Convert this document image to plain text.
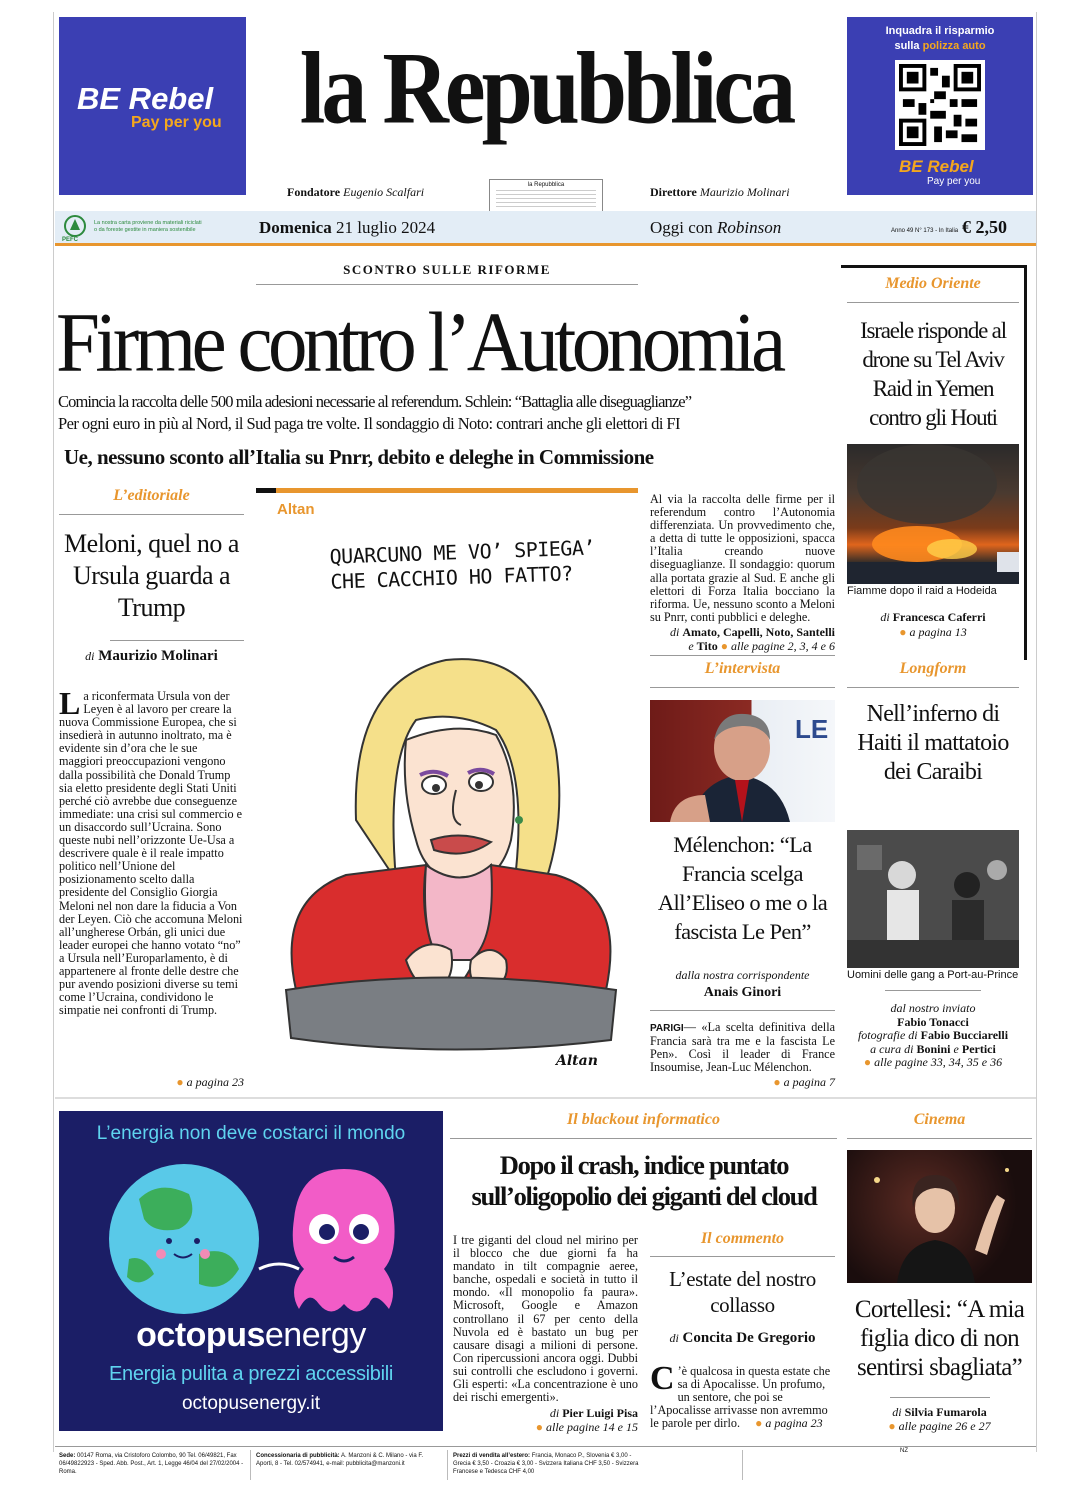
BE Rebel
Pay per you la Repubblica
Fondatore Eugenio Scalfari	Direttore Maurizio Molinari
la Repubblica
Inquadra il risparmio
sulla polizza auto
BE Rebel
Pay per you
PEFC
La nostra carta proviene da materiali riciclati o da foreste gestite in maniera sostenibile	Domenica 21 luglio 2024	Oggi con Robinson	Anno 49 N° 173 - In Italia € 2,50
SCONTRO SULLE RIFORME
Firme contro l’Autonomia
Comincia la raccolta delle 500 mila adesioni necessarie al referendum. Schlein: “Battaglia alle diseguaglianze”
Per ogni euro in più al Nord, il Sud paga tre volte. Il sondaggio di Noto: contrari anche gli elettori di FI
Ue, nessuno sconto all’Italia su Pnrr, debito e deleghe in Commissione
L’editoriale
Meloni, quel no a Ursula guarda a Trump
di Maurizio Molinari
La riconfermata Ursula von der Leyen è al lavoro per creare la nuova Commissione Europea, che si insedierà in autunno inoltrato, ma è evidente sin d’ora che le sue maggiori preoccupazioni vengono dalla possibilità che Donald Trump sia eletto presidente degli Stati Uniti perché ciò avrebbe due conseguenze immediate: una crisi sul commercio e un disaccordo sull’Ucraina. Sono queste nubi nell’orizzonte Ue-Usa a descrivere quale è il reale impatto politico nell’Unione del posizionamento scelto dalla presidente del Consiglio Giorgia Meloni nel non dare la fiducia a Von der Leyen. Ciò che accomuna Meloni all’ungherese Orbán, gli unici due leader europei che hanno votato “no” a Ursula nell’Europarlamento, è di appartenere al fronte delle destre che pur avendo posizioni diverse su temi come l’Ucraina, condividono le simpatie nei confronti di Trump.
● a pagina 23
Altan
QUARCUNO ME VO’ SPIEGA’ CHE CACCHIO HO FATTO?
Altan
Al via la raccolta delle firme per il referendum contro l’Autonomia differenziata. Un provvedimento che, a detta di tutte le opposizioni, spacca l’Italia creando nuove diseguaglianze. Il sondaggio: quorum alla portata grazie al Sud. E anche gli elettori di Forza Italia bocciano la riforma. Ue, nessuno sconto a Meloni su Pnrr, conti pubblici e deleghe.
di Amato, Capelli, Noto, Santelli
e Tito ● alle pagine 2, 3, 4 e 6
L’intervista
LE
Mélenchon: “La Francia scelga All’Eliseo o me o la fascista Le Pen”
dalla nostra corrispondente
Anais Ginori
PARIGI— «La scelta definitiva della Francia sarà tra me e la fascista Le Pen». Così il leader di France Insoumise, Jean-Luc Mélenchon.
● a pagina 7
Medio Oriente
Israele risponde al drone su Tel Aviv Raid in Yemen contro gli Houti
Fiamme dopo il raid a Hodeida
di Francesca Caferri
● a pagina 13
Longform
Nell’inferno di Haiti il mattatoio dei Caraibi
Uomini delle gang a Port-au-Prince
dal nostro inviato
Fabio Tonacci
fotografie di Fabio Bucciarelli
a cura di Bonini e Pertici
● alle pagine 33, 34, 35 e 36
L’energia non deve costarci il mondo
octopusenergy
Energia pulita a prezzi accessibili
octopusenergy.it
Il blackout informatico
Dopo il crash, indice puntato sull’oligopolio dei giganti del cloud
I tre giganti del cloud nel mirino per il blocco che due giorni fa ha mandato in tilt compagnie aeree, banche, ospedali e società in tutto il mondo. «Il monopolio fa paura». Microsoft, Google e Amazon controllano il 67 per cento della Nuvola ed è bastato un bug per causare disagi a milioni di persone. Con ripercussioni ancora oggi. Dubbi sui controlli che escludono i governi. Gli esperti: «La concentrazione è uno dei rischi emergenti».
di Pier Luigi Pisa
● alle pagine 14 e 15
Il commento
L’estate del nostro collasso
di Concita De Gregorio
C ’è qualcosa in questa estate che sa di Apocalisse. Un profumo, un sentore, che poi se l’Apocalisse arrivasse non avremmo le parole per dirlo. ● a pagina 23
Cinema
Cortellesi: “A mia figlia dico di non sentirsi sbagliata”
di Silvia Fumarola
● alle pagine 26 e 27
Sede: 00147 Roma, via Cristoforo Colombo, 90 Tel. 06/49821, Fax 06/49822923 - Sped. Abb. Post., Art. 1, Legge 46/04 del 27/02/2004 - Roma.
Concessionaria di pubblicità: A. Manzoni & C. Milano - via F. Aporti, 8 - Tel. 02/574941, e-mail: pubblicita@manzoni.it
Prezzi di vendita all’estero: Francia, Monaco P., Slovenia € 3,00 - Grecia € 3,50 - Croazia € 3,00 - Svizzera Italiana CHF 3,50 - Svizzera Francese e Tedesca CHF 4,00
NZ
